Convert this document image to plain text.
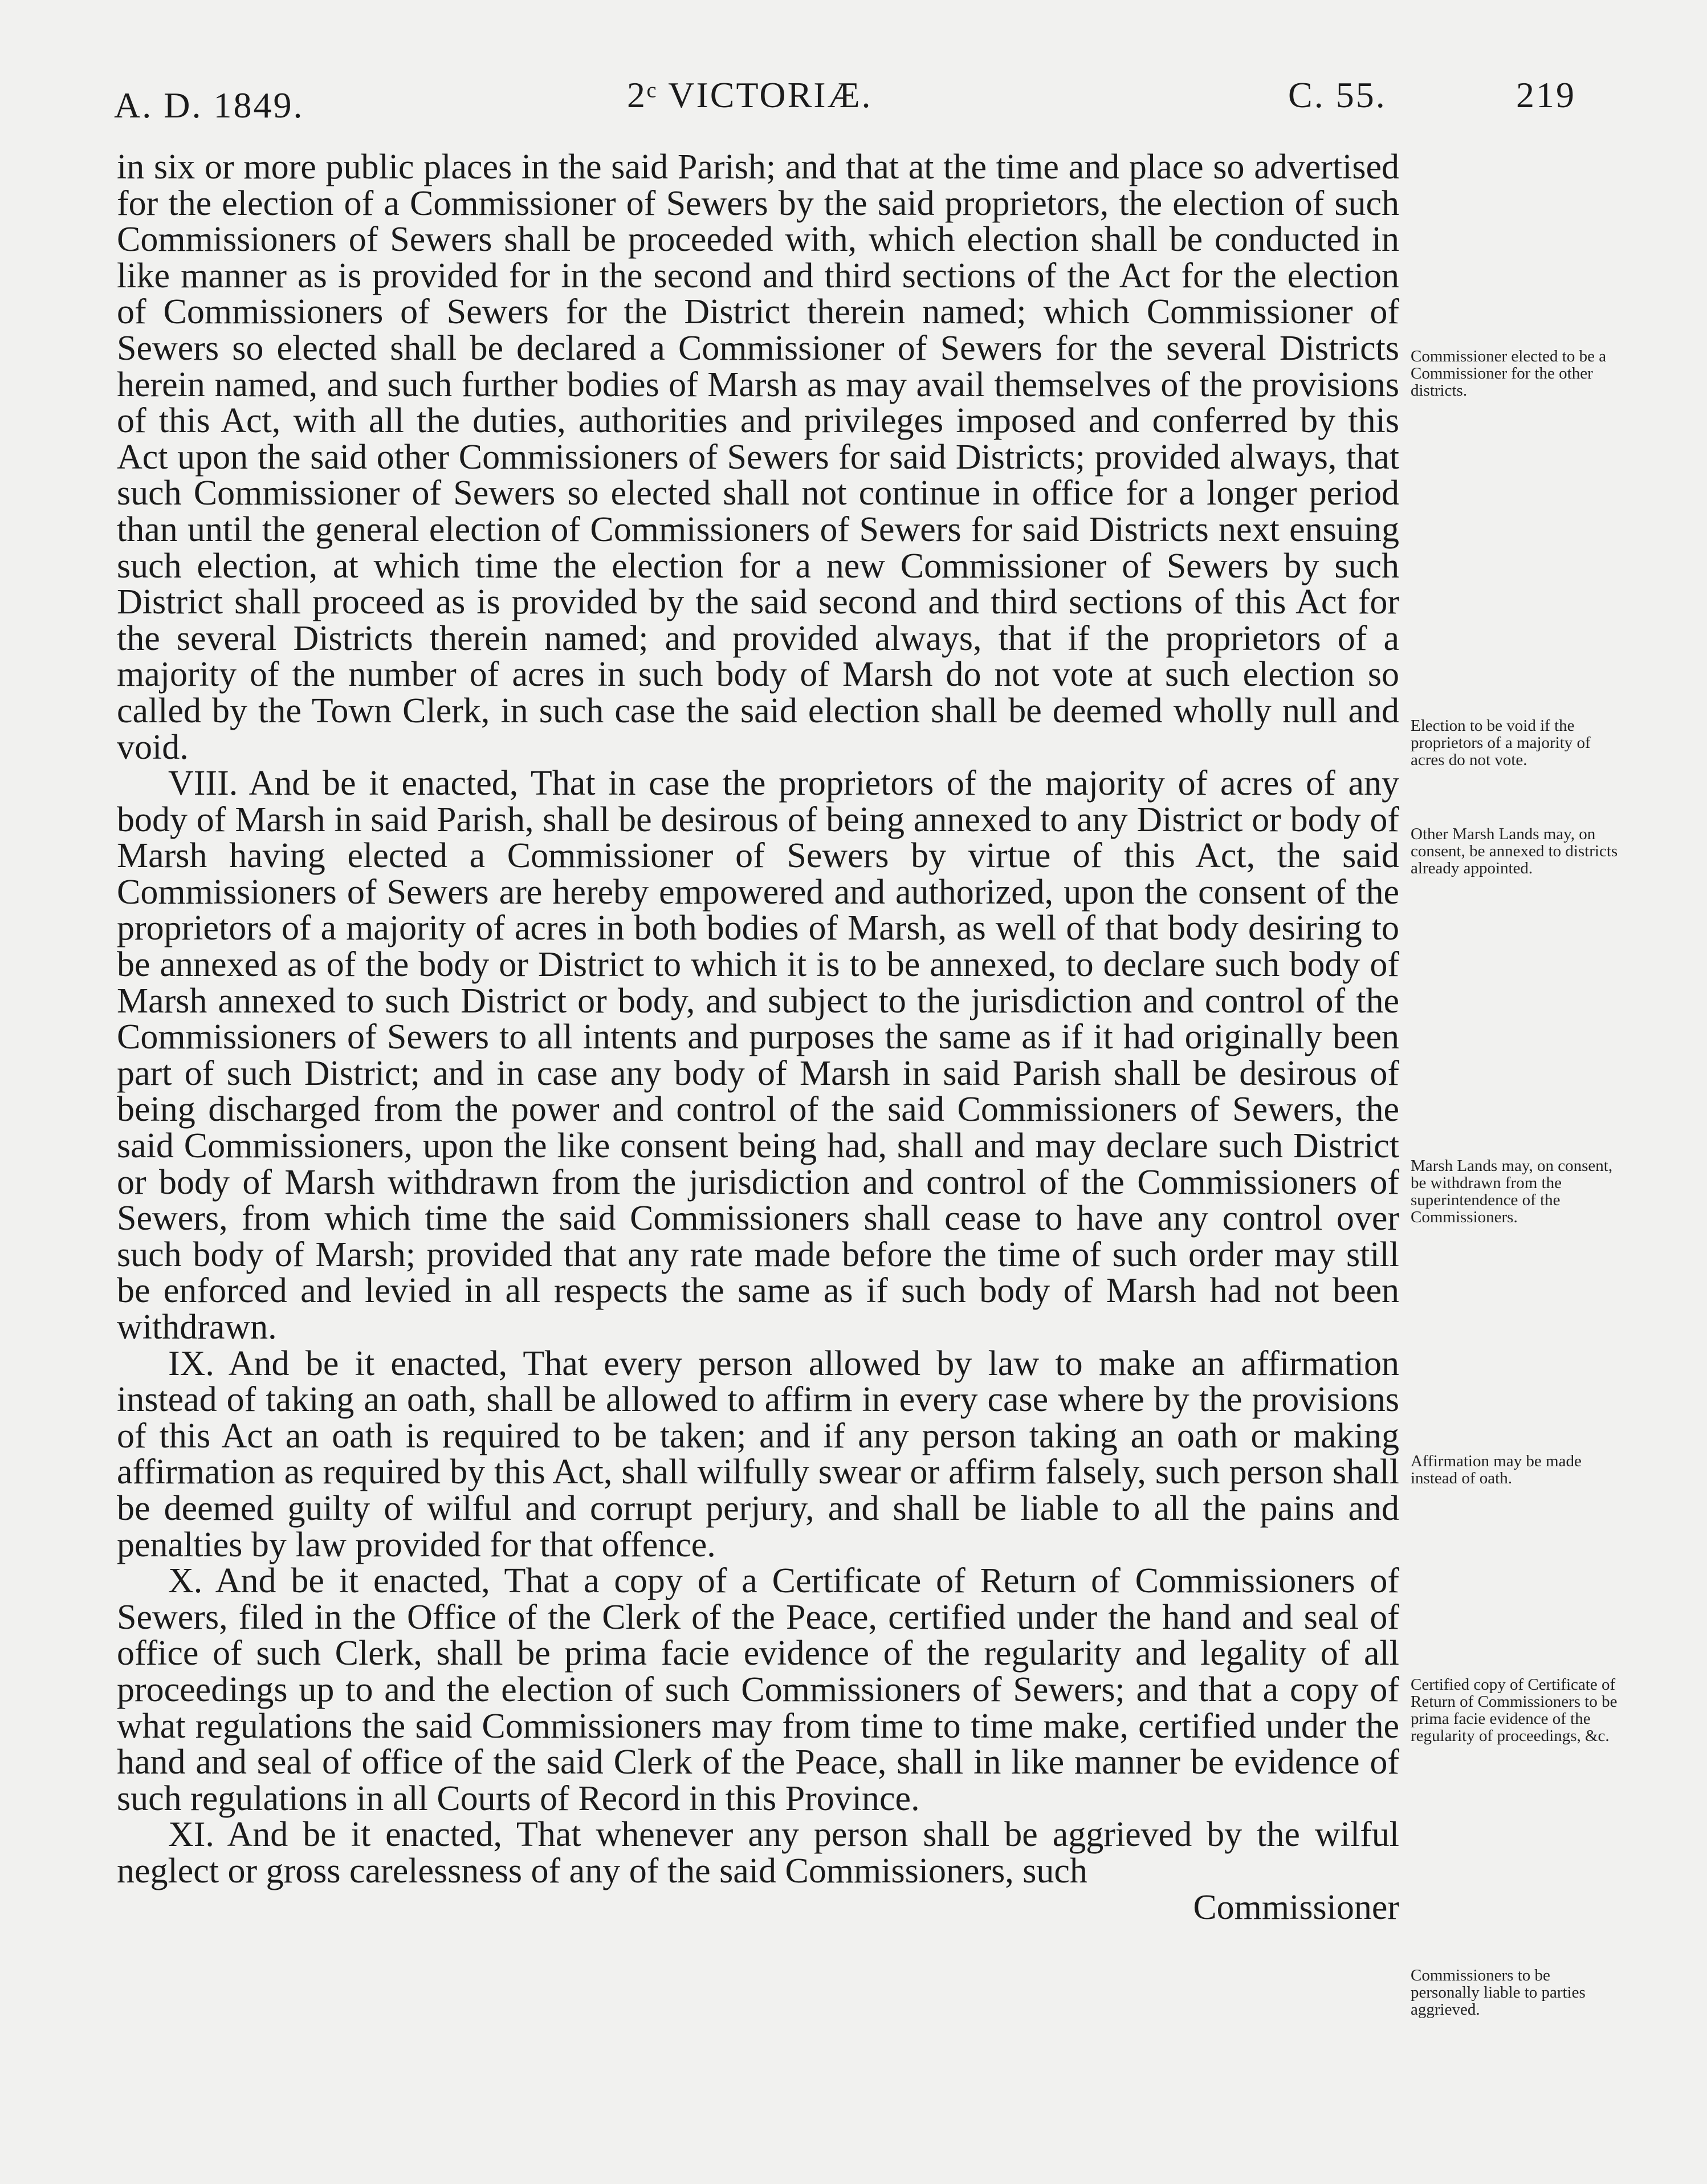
A. D. 1849.	2ᶜ VICTORIÆ.	C. 55.	219

in six or more public places in the said Parish; and that at the time and place so advertised for the election of a Commissioner of Sewers by the said proprietors, the election of such Commissioners of Sewers shall be proceeded with, which election shall be conducted in like manner as is provided for in the second and third sections of the Act for the election of Commissioners of Sewers for the District therein named; which Commissioner of Sewers so elected shall be declared a Commissioner of Sewers for the several Districts herein named, and such further bodies of Marsh as may avail themselves of the provisions of this Act, with all the duties, authorities and privileges imposed and conferred by this Act upon the said other Commissioners of Sewers for said Districts; provided always, that such Commissioner of Sewers so elected shall not continue in office for a longer period than until the general election of Commissioners of Sewers for said Districts next ensuing such election, at which time the election for a new Commissioner of Sewers by such District shall proceed as is provided by the said second and third sections of this Act for the several Districts therein named; and provided always, that if the proprietors of a majority of the number of acres in such body of Marsh do not vote at such election so called by the Town Clerk, in such case the said election shall be deemed wholly null and void.

VIII. And be it enacted, That in case the proprietors of the majority of acres of any body of Marsh in said Parish, shall be desirous of being annexed to any District or body of Marsh having elected a Commissioner of Sewers by virtue of this Act, the said Commissioners of Sewers are hereby empowered and authorized, upon the consent of the proprietors of a majority of acres in both bodies of Marsh, as well of that body desiring to be annexed as of the body or District to which it is to be annexed, to declare such body of Marsh annexed to such District or body, and subject to the jurisdiction and control of the Commissioners of Sewers to all intents and purposes the same as if it had originally been part of such District; and in case any body of Marsh in said Parish shall be desirous of being discharged from the power and control of the said Commissioners of Sewers, the said Commissioners, upon the like consent being had, shall and may declare such District or body of Marsh withdrawn from the jurisdiction and control of the Commissioners of Sewers, from which time the said Commissioners shall cease to have any control over such body of Marsh; provided that any rate made before the time of such order may still be enforced and levied in all respects the same as if such body of Marsh had not been withdrawn.

IX. And be it enacted, That every person allowed by law to make an affirmation instead of taking an oath, shall be allowed to affirm in every case where by the provisions of this Act an oath is required to be taken; and if any person taking an oath or making affirmation as required by this Act, shall wilfully swear or affirm falsely, such person shall be deemed guilty of wilful and corrupt perjury, and shall be liable to all the pains and penalties by law provided for that offence.

X. And be it enacted, That a copy of a Certificate of Return of Commissioners of Sewers, filed in the Office of the Clerk of the Peace, certified under the hand and seal of office of such Clerk, shall be prima facie evidence of the regularity and legality of all proceedings up to and the election of such Commissioners of Sewers; and that a copy of what regulations the said Commissioners may from time to time make, certified under the hand and seal of office of the said Clerk of the Peace, shall in like manner be evidence of such regulations in all Courts of Record in this Province.

XI. And be it enacted, That whenever any person shall be aggrieved by the wilful neglect or gross carelessness of any of the said Commissioners, such

Commissioner

Commissioner elected to be a Commissioner for the other districts.
Election to be void if the proprietors of a majority of acres do not vote.
Other Marsh Lands may, on consent, be annexed to districts already appointed.
Marsh Lands may, on consent, be withdrawn from the superintendence of the Commissioners.
Affirmation may be made instead of oath.
Certified copy of Certificate of Return of Commissioners to be prima facie evidence of the regularity of proceedings, &c.
Commissioners to be personally liable to parties aggrieved.
